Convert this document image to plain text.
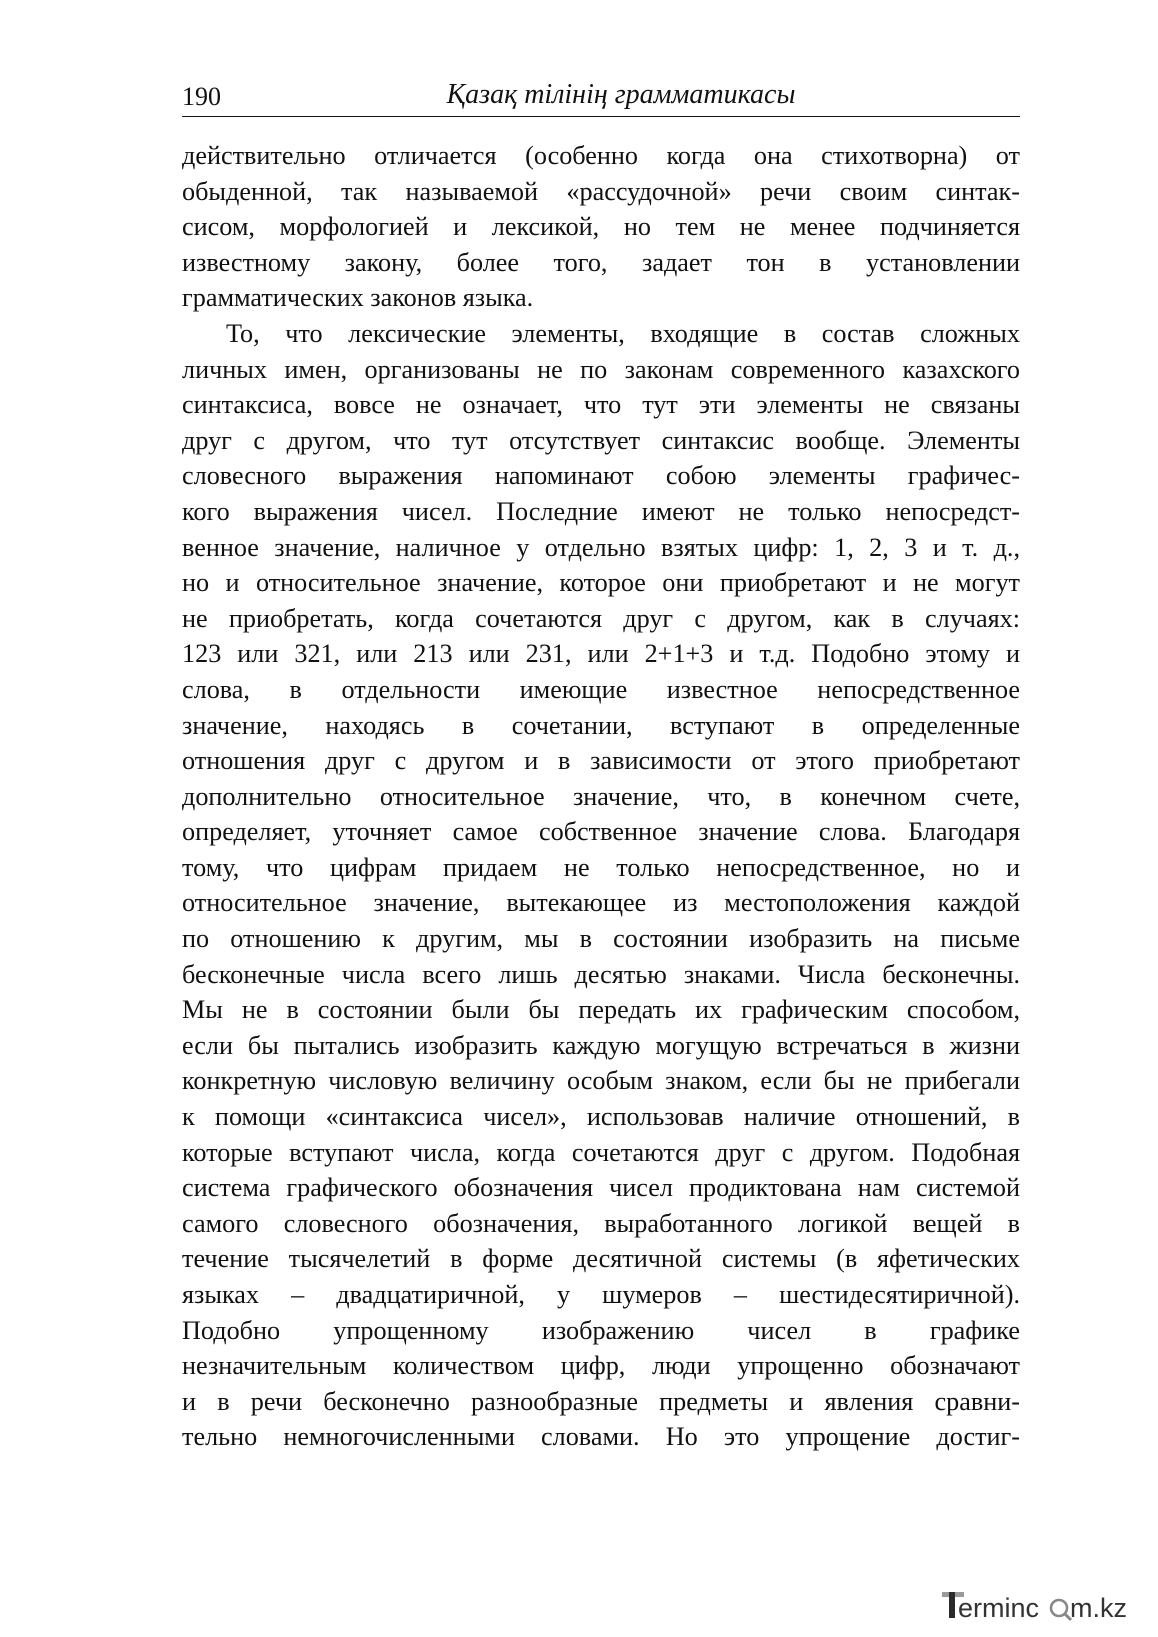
190	Қазақ тілінің грамматикасы
действительно отличается (особенно когда она стихотворна) от
обыденной, так называемой «рассудочной» речи своим синтак-
сисом, морфологией и лексикой, но тем не менее подчиняется
известному закону, более того, задает тон в установлении
грамматических законов языка.
То, что лексические элементы, входящие в состав сложных
личных имен, организованы не по законам современного казахского
синтаксиса, вовсе не означает, что тут эти элементы не связаны
друг с другом, что тут отсутствует синтаксис вообще. Элементы
словесного выражения напоминают собою элементы графичес-
кого выражения чисел. Последние имеют не только непосредст-
венное значение, наличное у отдельно взятых цифр: 1, 2, 3 и т. д.,
но и относительное значение, которое они приобретают и не могут
не приобретать, когда сочетаются друг с другом, как в случаях:
123 или 321, или 213 или 231, или 2+1+3 и т.д. Подобно этому и
слова, в отдельности имеющие известное непосредственное
значение, находясь в сочетании, вступают в определенные
отношения друг с другом и в зависимости от этого приобретают
дополнительно относительное значение, что, в конечном счете,
определяет, уточняет самое собственное значение слова. Благодаря
тому, что цифрам придаем не только непосредственное, но и
относительное значение, вытекающее из местоположения каждой
по отношению к другим, мы в состоянии изобразить на письме
бесконечные числа всего лишь десятью знаками. Числа бесконечны.
Мы не в состоянии были бы передать их графическим способом,
если бы пытались изобразить каждую могущую встречаться в жизни
конкретную числовую величину особым знаком, если бы не прибегали
к помощи «синтаксиса чисел», использовав наличие отношений, в
которые вступают числа, когда сочетаются друг с другом. Подобная
система графического обозначения чисел продиктована нам системой
самого словесного обозначения, выработанного логикой вещей в
течение тысячелетий в форме десятичной системы (в яфетических
языках – двадцатиричной, у шумеров – шестидесятиричной).
Подобно упрощенному изображению чисел в графике
незначительным количеством цифр, люди упрощенно обозначают
и в речи бесконечно разнообразные предметы и явления сравни-
тельно немногочисленными словами. Но это упрощение достиг-
erminc m.kz
